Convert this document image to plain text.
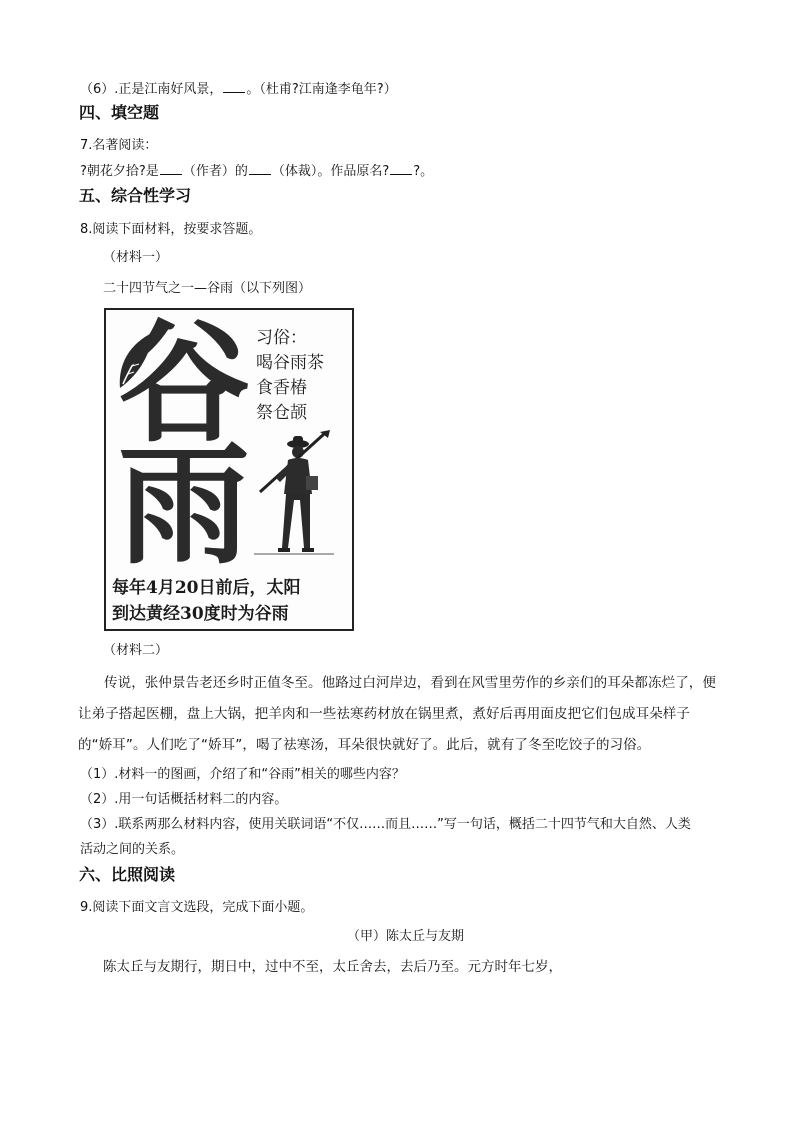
（6）.正是江南好风景， 。（杜甫?江南逢李龟年?）
四、填空题
7.名著阅读：
?朝花夕拾?是 （作者）的 （体裁）。作品原名? ?。
五、综合性学习
8.阅读下面材料，按要求答题。
（材料一）
二十四节气之一—谷雨（以下列图）
谷
雨
习俗：
喝谷雨茶
食香椿
祭仓颉
每年4月20日前后，太阳
到达黄经30度时为谷雨
（材料二）
传说，张仲景告老还乡时正值冬至。他路过白河岸边，看到在风雪里劳作的乡亲们的耳朵都冻烂了，便让弟子搭起医棚，盘上大锅，把羊肉和一些祛寒药材放在锅里煮，煮好后再用面皮把它们包成耳朵样子的“娇耳”。人们吃了“娇耳”，喝了祛寒汤，耳朵很快就好了。此后，就有了冬至吃饺子的习俗。
（1）.材料一的图画，介绍了和“谷雨”相关的哪些内容？
（2）.用一句话概括材料二的内容。
（3）.联系两那么材料内容，使用关联词语“不仅……而且……”写一句话，概括二十四节气和大自然、人类
活动之间的关系。
六、比照阅读
9.阅读下面文言文选段，完成下面小题。
（甲）陈太丘与友期
陈太丘与友期行，期日中，过中不至，太丘舍去，去后乃至。元方时年七岁，
